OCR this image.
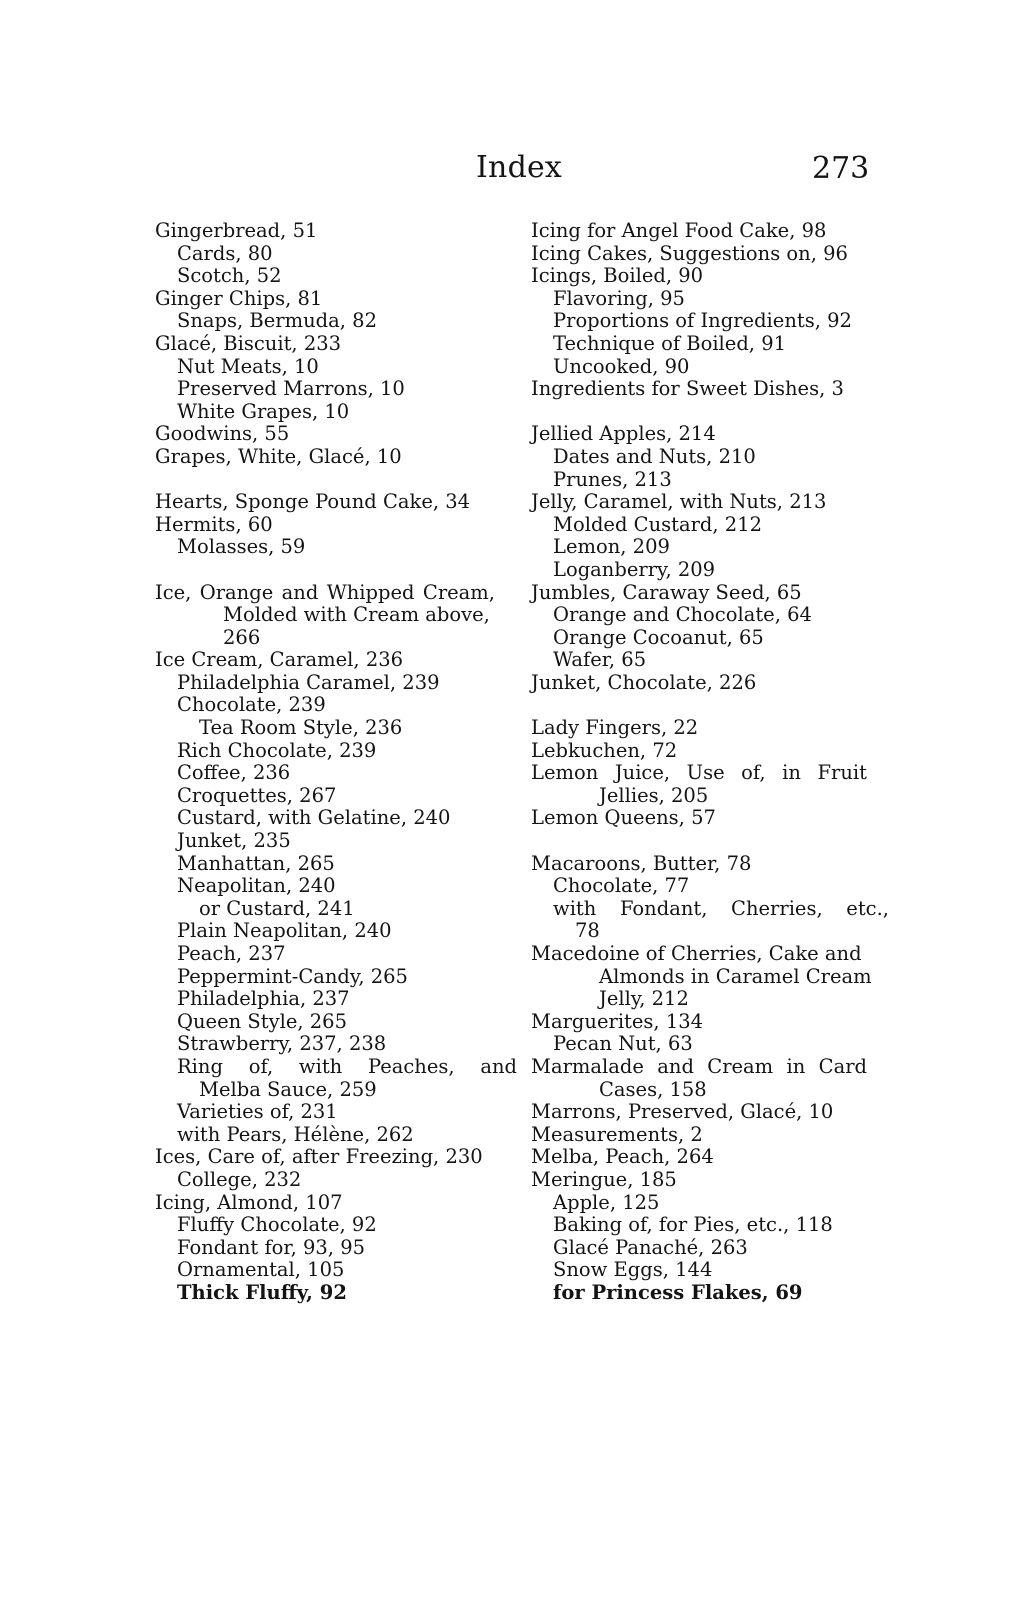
Index	273
Gingerbread, 51
Cards, 80
Scotch, 52
Ginger Chips, 81
Snaps, Bermuda, 82
Glacé, Biscuit, 233
Nut Meats, 10
Preserved Marrons, 10
White Grapes, 10
Goodwins, 55
Grapes, White, Glacé, 10
Hearts, Sponge Pound Cake, 34
Hermits, 60
Molasses, 59
Ice, Orange and Whipped Cream,
Molded with Cream above,
266
Ice Cream, Caramel, 236
Philadelphia Caramel, 239
Chocolate, 239
Tea Room Style, 236
Rich Chocolate, 239
Coffee, 236
Croquettes, 267
Custard, with Gelatine, 240
Junket, 235
Manhattan, 265
Neapolitan, 240
or Custard, 241
Plain Neapolitan, 240
Peach, 237
Peppermint-Candy, 265
Philadelphia, 237
Queen Style, 265
Strawberry, 237, 238
Ring of, with Peaches, and
Melba Sauce, 259
Varieties of, 231
with Pears, Hélène, 262
Ices, Care of, after Freezing, 230
College, 232
Icing, Almond, 107
Fluffy Chocolate, 92
Fondant for, 93, 95
Ornamental, 105
Thick Fluffy, 92
Icing for Angel Food Cake, 98
Icing Cakes, Suggestions on, 96
Icings, Boiled, 90
Flavoring, 95
Proportions of Ingredients, 92
Technique of Boiled, 91
Uncooked, 90
Ingredients for Sweet Dishes, 3
Jellied Apples, 214
Dates and Nuts, 210
Prunes, 213
Jelly, Caramel, with Nuts, 213
Molded Custard, 212
Lemon, 209
Loganberry, 209
Jumbles, Caraway Seed, 65
Orange and Chocolate, 64
Orange Cocoanut, 65
Wafer, 65
Junket, Chocolate, 226
Lady Fingers, 22
Lebkuchen, 72
Lemon Juice, Use of, in Fruit
Jellies, 205
Lemon Queens, 57
Macaroons, Butter, 78
Chocolate, 77
with Fondant, Cherries, etc.,
78
Macedoine of Cherries, Cake and
Almonds in Caramel Cream
Jelly, 212
Marguerites, 134
Pecan Nut, 63
Marmalade and Cream in Card
Cases, 158
Marrons, Preserved, Glacé, 10
Measurements, 2
Melba, Peach, 264
Meringue, 185
Apple, 125
Baking of, for Pies, etc., 118
Glacé Panaché, 263
Snow Eggs, 144
for Princess Flakes, 69
